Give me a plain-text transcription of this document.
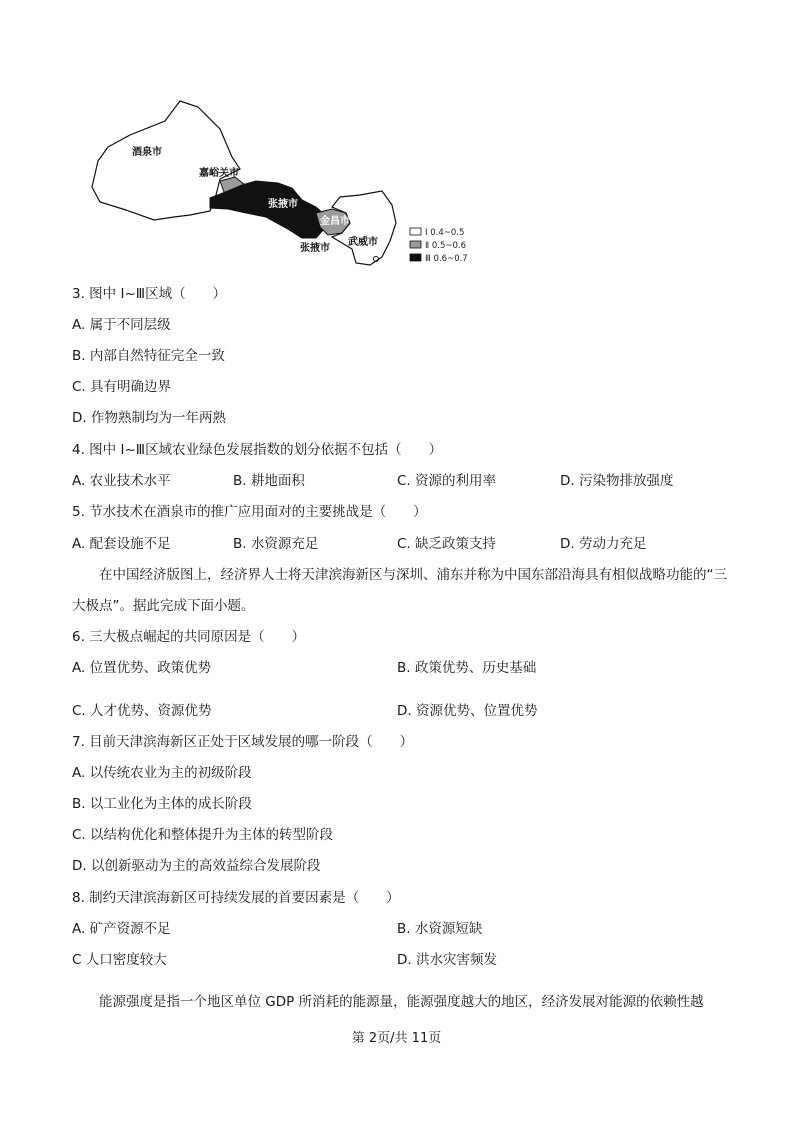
酒泉市
嘉峪关市
张掖市
金昌市
张掖市
武威市
Ⅰ 0.4~0.5
Ⅱ 0.5~0.6
Ⅲ 0.6~0.7
3. 图中 Ⅰ~Ⅲ区域（　　）
A. 属于不同层级
B. 内部自然特征完全一致
C. 具有明确边界
D. 作物熟制均为一年两熟
4. 图中 Ⅰ~Ⅲ区域农业绿色发展指数的划分依据不包括（　　）
A. 农业技术水平	B. 耕地面积	C. 资源的利用率	D. 污染物排放强度
5. 节水技术在酒泉市的推广应用面对的主要挑战是（　　）
A. 配套设施不足	B. 水资源充足	C. 缺乏政策支持	D. 劳动力充足
在中国经济版图上，经济界人士将天津滨海新区与深圳、浦东并称为中国东部沿海具有相似战略功能的“三大极点”。据此完成下面小题。
6. 三大极点崛起的共同原因是（　　）
A. 位置优势、政策优势	B. 政策优势、历史基础
C. 人才优势、资源优势	D. 资源优势、位置优势
7. 目前天津滨海新区正处于区域发展的哪一阶段（　　）
A. 以传统农业为主的初级阶段
B. 以工业化为主体的成长阶段
C. 以结构优化和整体提升为主体的转型阶段
D. 以创新驱动为主的高效益综合发展阶段
8. 制约天津滨海新区可持续发展的首要因素是（　　）
A. 矿产资源不足	B. 水资源短缺
C 人口密度较大	D. 洪水灾害频发
能源强度是指一个地区单位 GDP 所消耗的能源量，能源强度越大的地区，经济发展对能源的依赖性越
第 2页/共 11页
